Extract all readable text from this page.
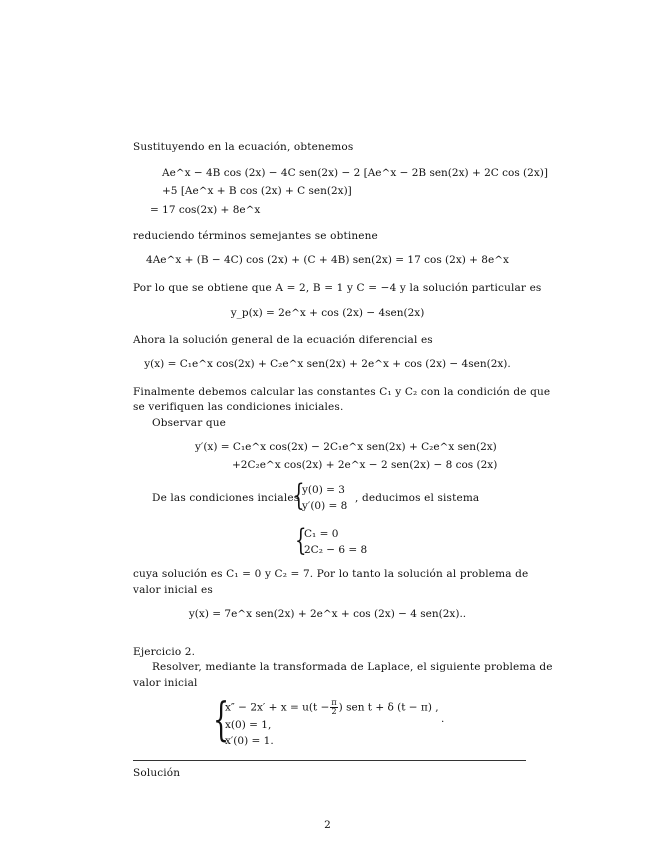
Sustituyendo en la ecuación, obtenemos
Ae^x − 4B cos (2x) − 4C sen(2x) − 2 [Ae^x − 2B sen(2x) + 2C cos (2x)]
+5 [Ae^x + B cos (2x) + C sen(2x)]
= 17 cos(2x) + 8e^x
reduciendo términos semejantes se obtinene
4Ae^x + (B − 4C) cos (2x) + (C + 4B) sen(2x) = 17 cos (2x) + 8e^x
Por lo que se obtiene que A = 2, B = 1 y C = −4 y la solución particular es
y_p(x) = 2e^x + cos (2x) − 4sen(2x)
Ahora la solución general de la ecuación diferencial es
y(x) = C₁e^x cos(2x) + C₂e^x sen(2x) + 2e^x + cos (2x) − 4sen(2x).
Finalmente debemos calcular las constantes C₁ y C₂ con la condición de que
se verifiquen las condiciones iniciales.
Observar que
y′(x) = C₁e^x cos(2x) − 2C₁e^x sen(2x) + C₂e^x sen(2x)
+2C₂e^x cos(2x) + 2e^x − 2 sen(2x) − 8 cos (2x)
De las condiciones inciales
{
y(0) = 3
y′(0) = 8
, deducimos el sistema
{
C₁ = 0
2C₂ − 6 = 8
cuya solución es C₁ = 0 y C₂ = 7. Por lo tanto la solución al problema de
valor inicial es
y(x) = 7e^x sen(2x) + 2e^x + cos (2x) − 4 sen(2x)..
Ejercicio 2.
Resolver, mediante la transformada de Laplace, el siguiente problema de
valor inicial
{
$x'' - 2x' + x = u(t - \frac{\pi}{2}$ ) sen t + δ (t − π) ,
.
x(0) = 1,
x′(0) = 1.
Solución
2
